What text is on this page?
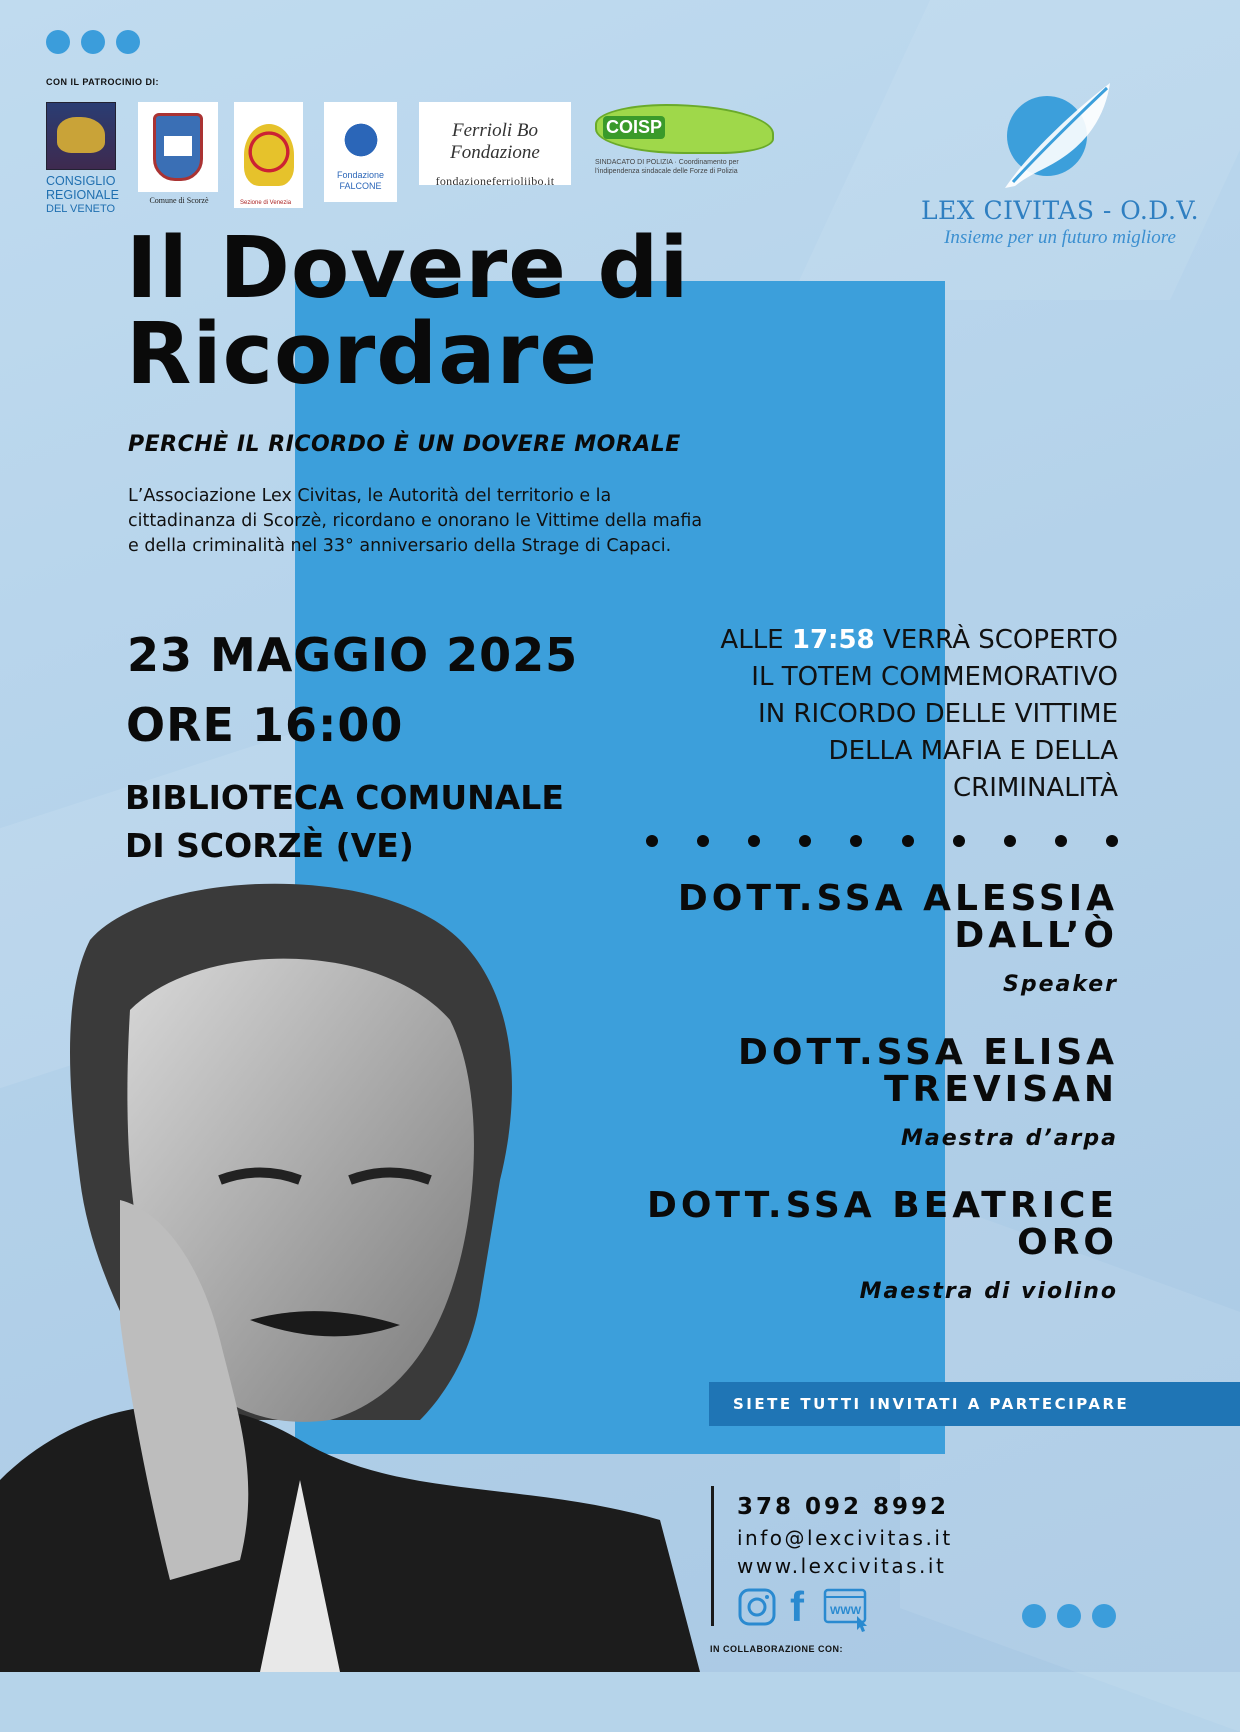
CON IL PATROCINIO DI:
CONSIGLIO
REGIONALE
DEL VENETO
Comune di Scorzè	Sezione di Venezia
Fondazione
FALCONE
Ferrioli Bo Fondazione
fondazioneferrioliibo.it
COISP
SINDACATO DI POLIZIA · Coordinamento per l'indipendenza sindacale delle Forze di Polizia
LEX CIVITAS - O.D.V.
Insieme per un futuro migliore
Il Dovere di
Ricordare
PERCHÈ IL RICORDO È UN DOVERE MORALE

L’Associazione Lex Civitas, le Autorità del territorio e la
cittadinanza di Scorzè, ricordano e onorano le Vittime della mafia
e della criminalità nel 33° anniversario della Strage di Capaci.

23 MAGGIO 2025
ORE 16:00
BIBLIOTECA COMUNALE
DI SCORZÈ (VE)
ALLE 17:58 VERRÀ SCOPERTO
IL TOTEM COMMEMORATIVO
IN RICORDO DELLE VITTIME
DELLA MAFIA E DELLA
CRIMINALITÀ
DOTT.SSA ALESSIA
DALL’Ò
Speaker
DOTT.SSA ELISA
TREVISAN
Maestra d’arpa
DOTT.SSA BEATRICE
ORO
Maestra di violino
SIETE TUTTI INVITATI A PARTECIPARE
378 092 8992
info@lexcivitas.it
www.lexcivitas.it
f WWW
IN COLLABORAZIONE CON:
